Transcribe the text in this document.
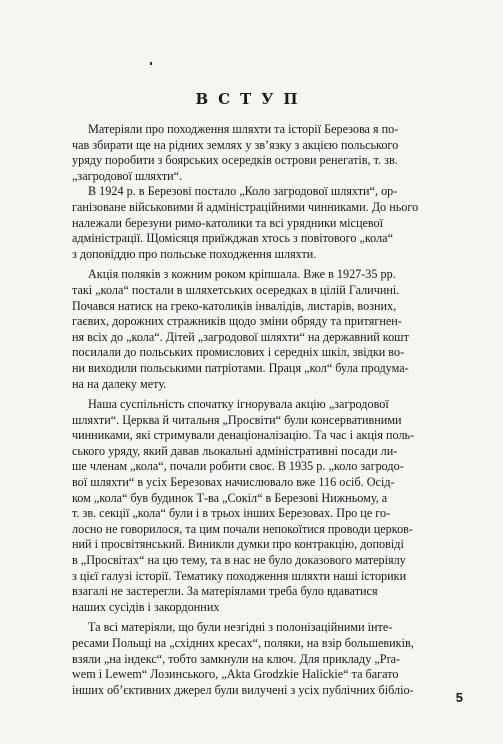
ВСТУП
Матеріяли про походження шляхти та історії Березова я по-
чав збирати ще на рідних землях у зв’язку з акцією польського
уряду поробити з боярських осередків острови ренегатів, т. зв.
„загродової шляхти“.
В 1924 р. в Березові постало „Коло загродової шляхти“, ор-
ганізоване військовими й адміністраційними чинниками. До нього
належали березуни римо-католики та всі урядники місцевої
адміністрації. Щомісяця приїжджав хтось з повітового „кола“
з доповіддю про польське походження шляхти.
Акція поляків з кожним роком кріпшала. Вже в 1927-35 рр.
такі „кола“ постали в шляхетських осередках в цілій Галичині.
Почався натиск на греко-католиків інвалідів, листарів, возних,
гаєвих, дорожних стражників щодо зміни обряду та притягнен-
ня всіх до „кола“. Дітей „загродової шляхти“ на державний кошт
посилали до польських промислових і середніх шкіл, звідки во-
ни виходили польськими патріотами. Праця „кол“ була продума-
на на далеку мету.
Наша суспільність спочатку ігнорувала акцію „загродової
шляхти“. Церква й читальня „Просвіти“ були консервативними
чинниками, які стримували денаціоналізацію. Та час і акція поль-
ського уряду, який давав льокальні адміністративні посади ли-
ше членам „кола“, почали робити своє. В 1935 р. „коло загродо-
вої шляхти“ в усіх Березовах начислювало вже 116 осіб. Осід-
ком „кола“ був будинок Т-ва „Сокіл“ в Березові Нижньому, а
т. зв. секції „кола“ були і в трьох інших Березовах. Про це го-
лосно не говорилося, та цим почали непокоїтися проводи церков-
ний і просвітянський. Виникли думки про контракцію, доповіді
в „Просвітах“ на цю тему, та в нас не було доказового матеріялу
з цієї галузі історії. Тематику походження шляхти наші історики
взагалі не застерегли. За матеріялами треба було вдаватися
наших сусідів і закордонних
Та всі матеріяли, що були незгідні з полонізаційними інте-
ресами Польщі на „східних кресах“, поляки, на взір большевиків,
взяли „на індекс“, тобто замкнули на ключ. Для прикладу „Pra-
wem i Lewem“ Лозинського, „Akta Grodzkie Halickie“ та багато
інших об’єктивних джерел були вилучені з усіх публічних бібліо-
5
